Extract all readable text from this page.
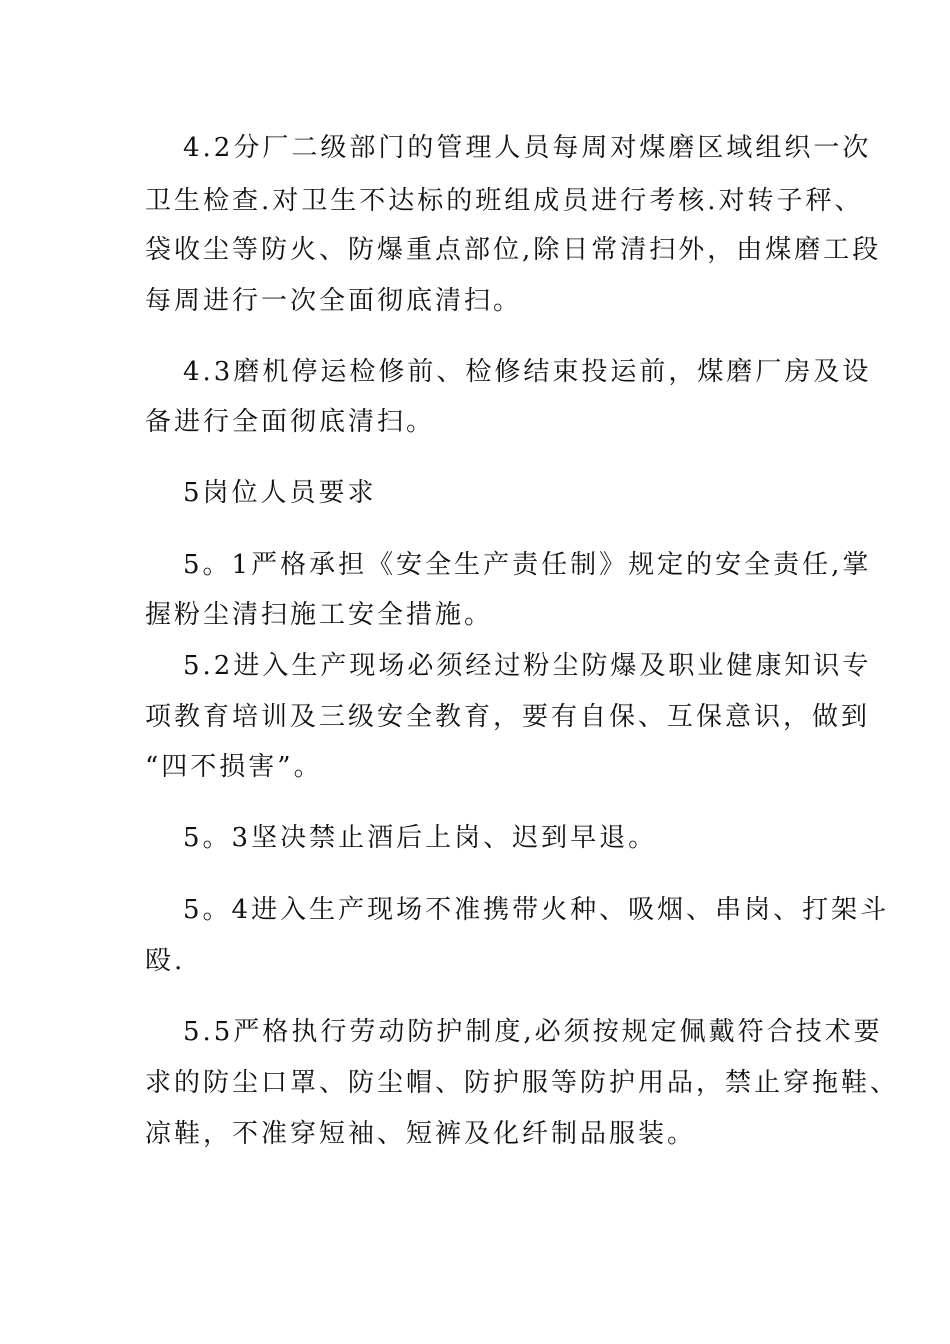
4.2分厂二级部门的管理人员每周对煤磨区域组织一次
卫生检查.对卫生不达标的班组成员进行考核.对转子秤、
袋收尘等防火、防爆重点部位,除日常清扫外，由煤磨工段
每周进行一次全面彻底清扫。
4.3磨机停运检修前、检修结束投运前，煤磨厂房及设
备进行全面彻底清扫。
5岗位人员要求
5。1严格承担《安全生产责任制》规定的安全责任,掌
握粉尘清扫施工安全措施。
5.2进入生产现场必须经过粉尘防爆及职业健康知识专
项教育培训及三级安全教育，要有自保、互保意识，做到
“四不损害”。
5。3坚决禁止酒后上岗、迟到早退。
5。4进入生产现场不准携带火种、吸烟、串岗、打架斗
殴.
5.5严格执行劳动防护制度,必须按规定佩戴符合技术要
求的防尘口罩、防尘帽、防护服等防护用品，禁止穿拖鞋、
凉鞋，不准穿短袖、短裤及化纤制品服装。
